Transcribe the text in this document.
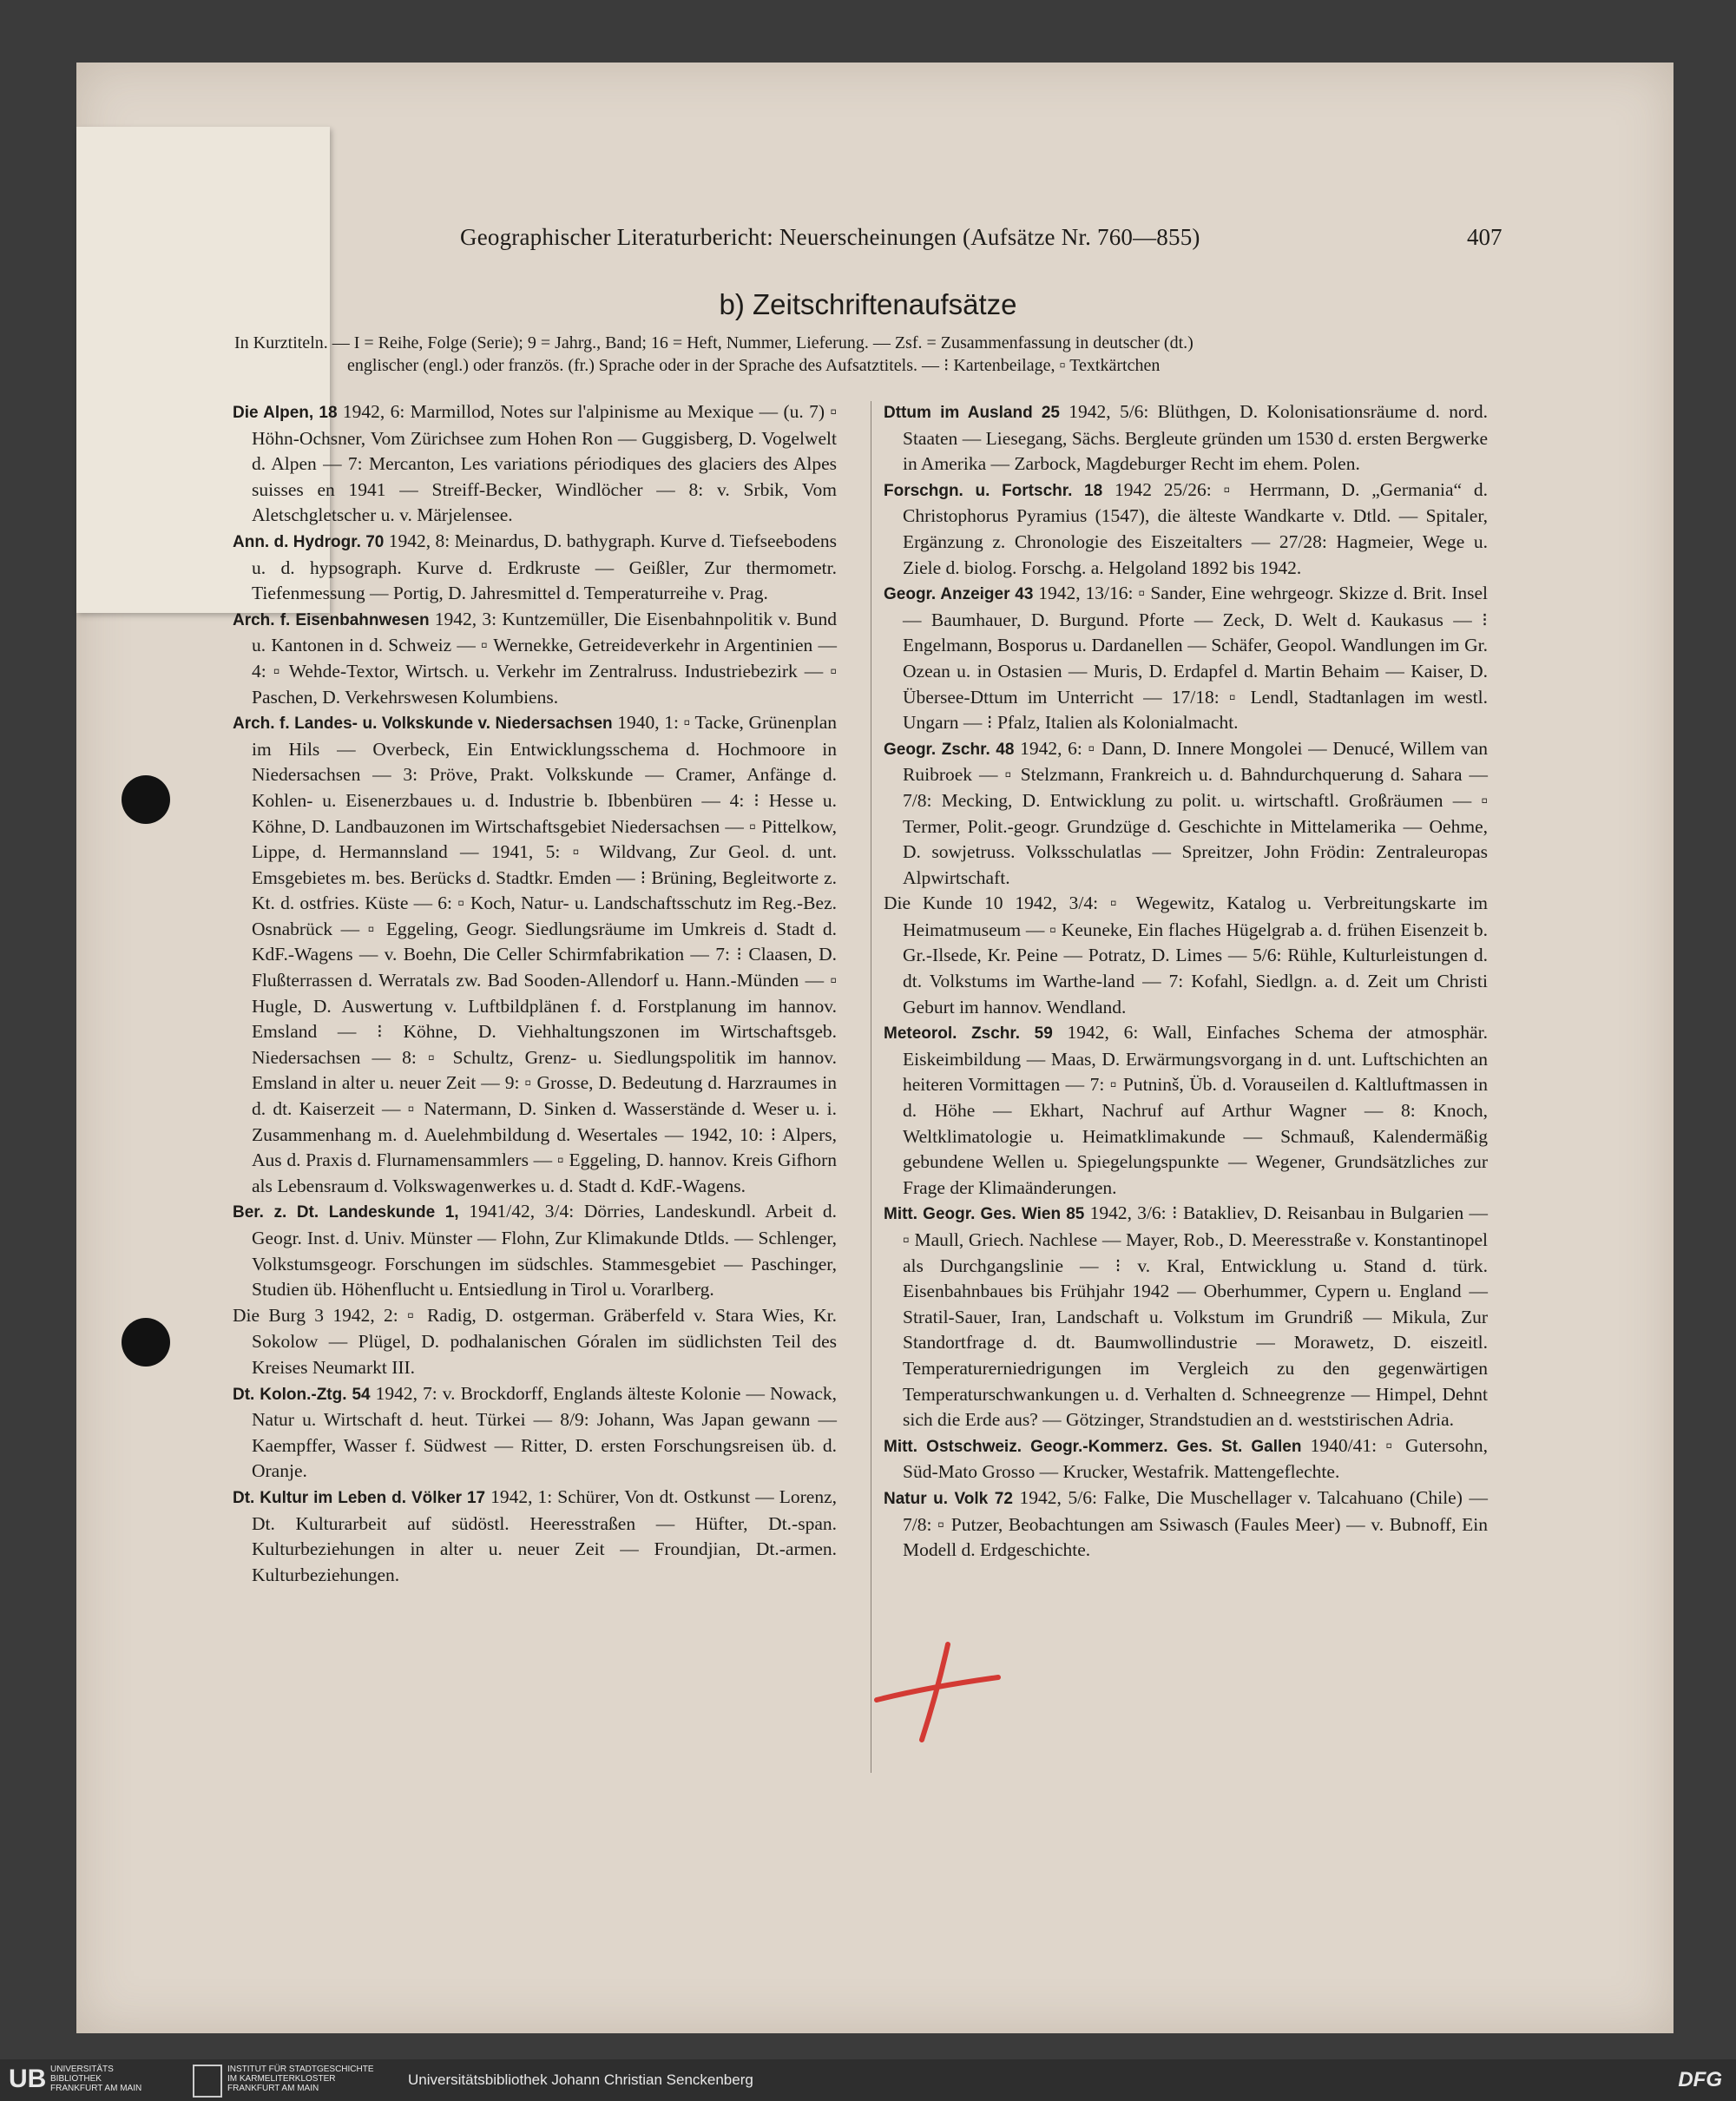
Geographischer Literaturbericht: Neuerscheinungen (Aufsätze Nr. 760—855)	407
b) Zeitschriftenaufsätze
In Kurztiteln. — I = Reihe, Folge (Serie); 9 = Jahrg., Band; 16 = Heft, Nummer, Lieferung. — Zsf. = Zusammenfassung in deutscher (dt.)
englischer (engl.) oder französ. (fr.) Sprache oder in der Sprache des Aufsatztitels. — ⁝ Kartenbeilage, ▫ Textkärtchen

Die Alpen, 18 1942, 6: Marmillod, Notes sur l'alpinisme au Mexique — (u. 7) ▫ Höhn-Ochsner, Vom Zürichsee zum Hohen Ron — Guggisberg, D. Vogelwelt d. Alpen — 7: Mercanton, Les variations périodiques des glaciers des Alpes suisses en 1941 — Streiff-Becker, Windlöcher — 8: v. Srbik, Vom Aletschgletscher u. v. Märjelensee.

Ann. d. Hydrogr. 70 1942, 8: Meinardus, D. bathygraph. Kurve d. Tiefseebodens u. d. hypsograph. Kurve d. Erdkruste — Geißler, Zur thermometr. Tiefenmessung — Portig, D. Jahresmittel d. Temperaturreihe v. Prag.

Arch. f. Eisenbahnwesen 1942, 3: Kuntzemüller, Die Eisenbahnpolitik v. Bund u. Kantonen in d. Schweiz — ▫ Wernekke, Getreideverkehr in Argentinien — 4: ▫ Wehde-Textor, Wirtsch. u. Verkehr im Zentralruss. Industriebezirk — ▫ Paschen, D. Verkehrswesen Kolumbiens.

Arch. f. Landes- u. Volkskunde v. Niedersachsen 1940, 1: ▫ Tacke, Grünenplan im Hils — Overbeck, Ein Entwicklungsschema d. Hochmoore in Niedersachsen — 3: Pröve, Prakt. Volkskunde — Cramer, Anfänge d. Kohlen- u. Eisenerzbaues u. d. Industrie b. Ibbenbüren — 4: ⁝ Hesse u. Köhne, D. Landbauzonen im Wirtschaftsgebiet Niedersachsen — ▫ Pittelkow, Lippe, d. Hermannsland — 1941, 5: ▫ Wildvang, Zur Geol. d. unt. Emsgebietes m. bes. Berücks d. Stadtkr. Emden — ⁝ Brüning, Begleitworte z. Kt. d. ostfries. Küste — 6: ▫ Koch, Natur- u. Landschaftsschutz im Reg.-Bez. Osnabrück — ▫ Eggeling, Geogr. Siedlungsräume im Umkreis d. Stadt d. KdF.-Wagens — v. Boehn, Die Celler Schirmfabrikation — 7: ⁝ Claasen, D. Flußterrassen d. Werratals zw. Bad Sooden-Allendorf u. Hann.-Münden — ▫ Hugle, D. Auswertung v. Luftbildplänen f. d. Forstplanung im hannov. Emsland — ⁝ Köhne, D. Viehhaltungszonen im Wirtschaftsgeb. Niedersachsen — 8: ▫ Schultz, Grenz- u. Siedlungspolitik im hannov. Emsland in alter u. neuer Zeit — 9: ▫ Grosse, D. Bedeutung d. Harzraumes in d. dt. Kaiserzeit — ▫ Natermann, D. Sinken d. Wasserstände d. Weser u. i. Zusammenhang m. d. Auelehmbildung d. Wesertales — 1942, 10: ⁝ Alpers, Aus d. Praxis d. Flurnamensammlers — ▫ Eggeling, D. hannov. Kreis Gifhorn als Lebensraum d. Volkswagenwerkes u. d. Stadt d. KdF.-Wagens.

Ber. z. Dt. Landeskunde 1, 1941/42, 3/4: Dörries, Landeskundl. Arbeit d. Geogr. Inst. d. Univ. Münster — Flohn, Zur Klimakunde Dtlds. — Schlenger, Volkstumsgeogr. Forschungen im südschles. Stammesgebiet — Paschinger, Studien üb. Höhenflucht u. Entsiedlung in Tirol u. Vorarlberg.

Die Burg 3 1942, 2: ▫ Radig, D. ostgerman. Gräberfeld v. Stara Wies, Kr. Sokolow — Plügel, D. podhalanischen Góralen im südlichsten Teil des Kreises Neumarkt III.

Dt. Kolon.-Ztg. 54 1942, 7: v. Brockdorff, Englands älteste Kolonie — Nowack, Natur u. Wirtschaft d. heut. Türkei — 8/9: Johann, Was Japan gewann — Kaempffer, Wasser f. Südwest — Ritter, D. ersten Forschungsreisen üb. d. Oranje.

Dt. Kultur im Leben d. Völker 17 1942, 1: Schürer, Von dt. Ostkunst — Lorenz, Dt. Kulturarbeit auf südöstl. Heeresstraßen — Hüfter, Dt.-span. Kulturbeziehungen in alter u. neuer Zeit — Froundjian, Dt.-armen. Kulturbeziehungen.

Dttum im Ausland 25 1942, 5/6: Blüthgen, D. Kolonisationsräume d. nord. Staaten — Liesegang, Sächs. Bergleute gründen um 1530 d. ersten Bergwerke in Amerika — Zarbock, Magdeburger Recht im ehem. Polen.

Forschgn. u. Fortschr. 18 1942 25/26: ▫ Herrmann, D. „Germania“ d. Christophorus Pyramius (1547), die älteste Wandkarte v. Dtld. — Spitaler, Ergänzung z. Chronologie des Eiszeitalters — 27/28: Hagmeier, Wege u. Ziele d. biolog. Forschg. a. Helgoland 1892 bis 1942.

Geogr. Anzeiger 43 1942, 13/16: ▫ Sander, Eine wehrgeogr. Skizze d. Brit. Insel — Baumhauer, D. Burgund. Pforte — Zeck, D. Welt d. Kaukasus — ⁝ Engelmann, Bosporus u. Dardanellen — Schäfer, Geopol. Wandlungen im Gr. Ozean u. in Ostasien — Muris, D. Erdapfel d. Martin Behaim — Kaiser, D. Übersee-Dttum im Unterricht — 17/18: ▫ Lendl, Stadtanlagen im westl. Ungarn — ⁝ Pfalz, Italien als Kolonialmacht.

Geogr. Zschr. 48 1942, 6: ▫ Dann, D. Innere Mongolei — Denucé, Willem van Ruibroek — ▫ Stelzmann, Frankreich u. d. Bahndurchquerung d. Sahara — 7/8: Mecking, D. Entwicklung zu polit. u. wirtschaftl. Großräumen — ▫ Termer, Polit.-geogr. Grundzüge d. Geschichte in Mittelamerika — Oehme, D. sowjetruss. Volksschulatlas — Spreitzer, John Frödin: Zentraleuropas Alpwirtschaft.

Die Kunde 10 1942, 3/4: ▫ Wegewitz, Katalog u. Verbreitungskarte im Heimatmuseum — ▫ Keuneke, Ein flaches Hügelgrab a. d. frühen Eisenzeit b. Gr.-Ilsede, Kr. Peine — Potratz, D. Limes — 5/6: Rühle, Kulturleistungen d. dt. Volkstums im Warthe-land — 7: Kofahl, Siedlgn. a. d. Zeit um Christi Geburt im hannov. Wendland.

Meteorol. Zschr. 59 1942, 6: Wall, Einfaches Schema der atmosphär. Eiskeimbildung — Maas, D. Erwärmungsvorgang in d. unt. Luftschichten an heiteren Vormittagen — 7: ▫ Putninš, Üb. d. Vorauseilen d. Kaltluftmassen in d. Höhe — Ekhart, Nachruf auf Arthur Wagner — 8: Knoch, Weltklimatologie u. Heimatklimakunde — Schmauß, Kalendermäßig gebundene Wellen u. Spiegelungspunkte — Wegener, Grundsätzliches zur Frage der Klimaänderungen.

Mitt. Geogr. Ges. Wien 85 1942, 3/6: ⁝ Batakliev, D. Reisanbau in Bulgarien — ▫ Maull, Griech. Nachlese — Mayer, Rob., D. Meeresstraße v. Konstantinopel als Durchgangslinie — ⁝ v. Kral, Entwicklung u. Stand d. türk. Eisenbahnbaues bis Frühjahr 1942 — Oberhummer, Cypern u. England — Stratil-Sauer, Iran, Landschaft u. Volkstum im Grundriß — Mikula, Zur Standortfrage d. dt. Baumwollindustrie — Morawetz, D. eiszeitl. Temperaturerniedrigungen im Vergleich zu den gegenwärtigen Temperaturschwankungen u. d. Verhalten d. Schneegrenze — Himpel, Dehnt sich die Erde aus? — Götzinger, Strandstudien an d. weststirischen Adria.

Mitt. Ostschweiz. Geogr.-Kommerz. Ges. St. Gallen 1940/41: ▫ Gutersohn, Süd-Mato Grosso — Krucker, Westafrik. Mattengeflechte.

Natur u. Volk 72 1942, 5/6: Falke, Die Muschellager v. Talcahuano (Chile) — 7/8: ▫ Putzer, Beobachtungen am Ssiwasch (Faules Meer) — v. Bubnoff, Ein Modell d. Erdgeschichte.

UB UNIVERSITÄTS BIBLIOTHEK FRANKFURT AM MAIN
INSTITUT FÜR STADTGESCHICHTE IM KARMELITERKLOSTER FRANKFURT AM MAIN
Universitätsbibliothek Johann Christian Senckenberg	DFG
